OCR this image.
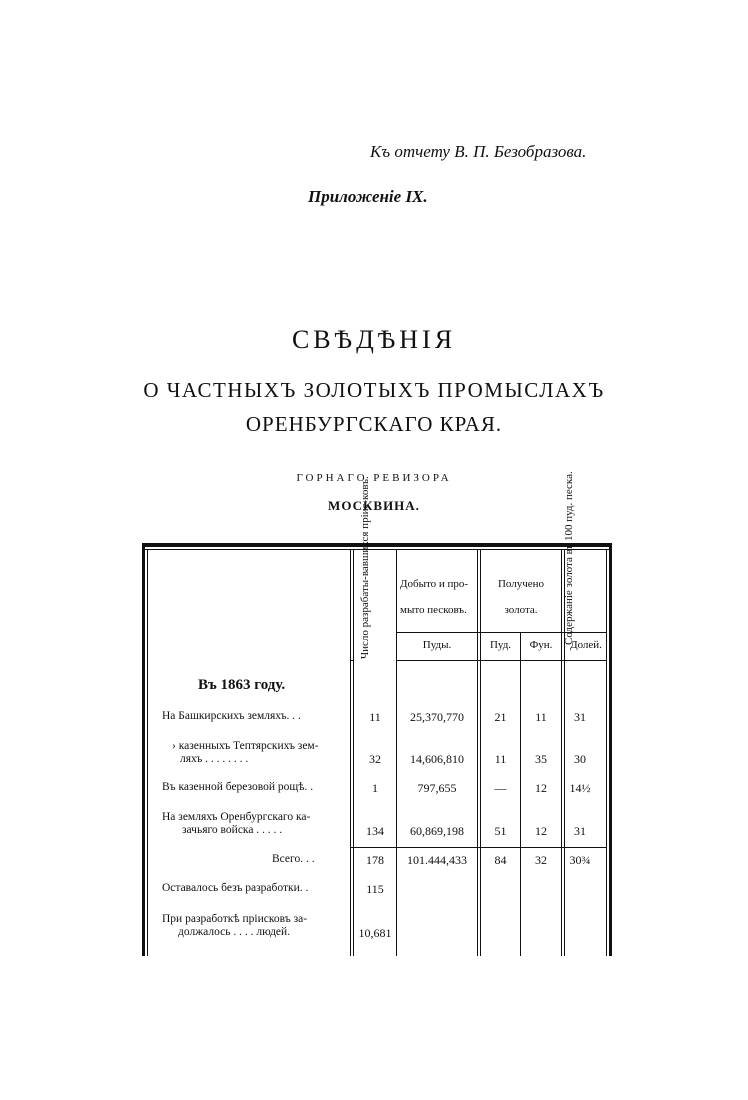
Къ отчету В. П. Безобразова.
Приложеніе IX.
СВѢДѢНІЯ
О ЧАСТНЫХЪ ЗОЛОТЫХЪ ПРОМЫСЛАХЪ
ОРЕНБУРГСКАГО КРАЯ.
ГОРНАГО РЕВИЗОРА
МОСКВИНА.
Число разрабаты-вавшихся пріис-ковъ.	Добыто и про-мыто песковъ.
Получено золота.	Содержаніе золота въ 100 пуд. песка.
Пуды.	Пуд.	Фун.	Долей.
Въ 1863 году.
На Башкирскихъ земляхъ. . .	11	25,370,770	21	11	31
› казенныхъ Тептярскихъ зем-
ляхъ . . . . . . . .	32	14,606,810	11	35	30
Въ казенной березовой рощѣ. .	1	797,655	—	12	14½
На земляхъ Оренбургскаго ка-
зачьяго войска . . . . .	134	60,869,198	51	12	31
Всего. . .	178	101.444,433	84	32	30¾
Оставалось безъ разработки. .	115
При разработкѣ пріисковъ за-
должалось . . . . людей.	10,681
